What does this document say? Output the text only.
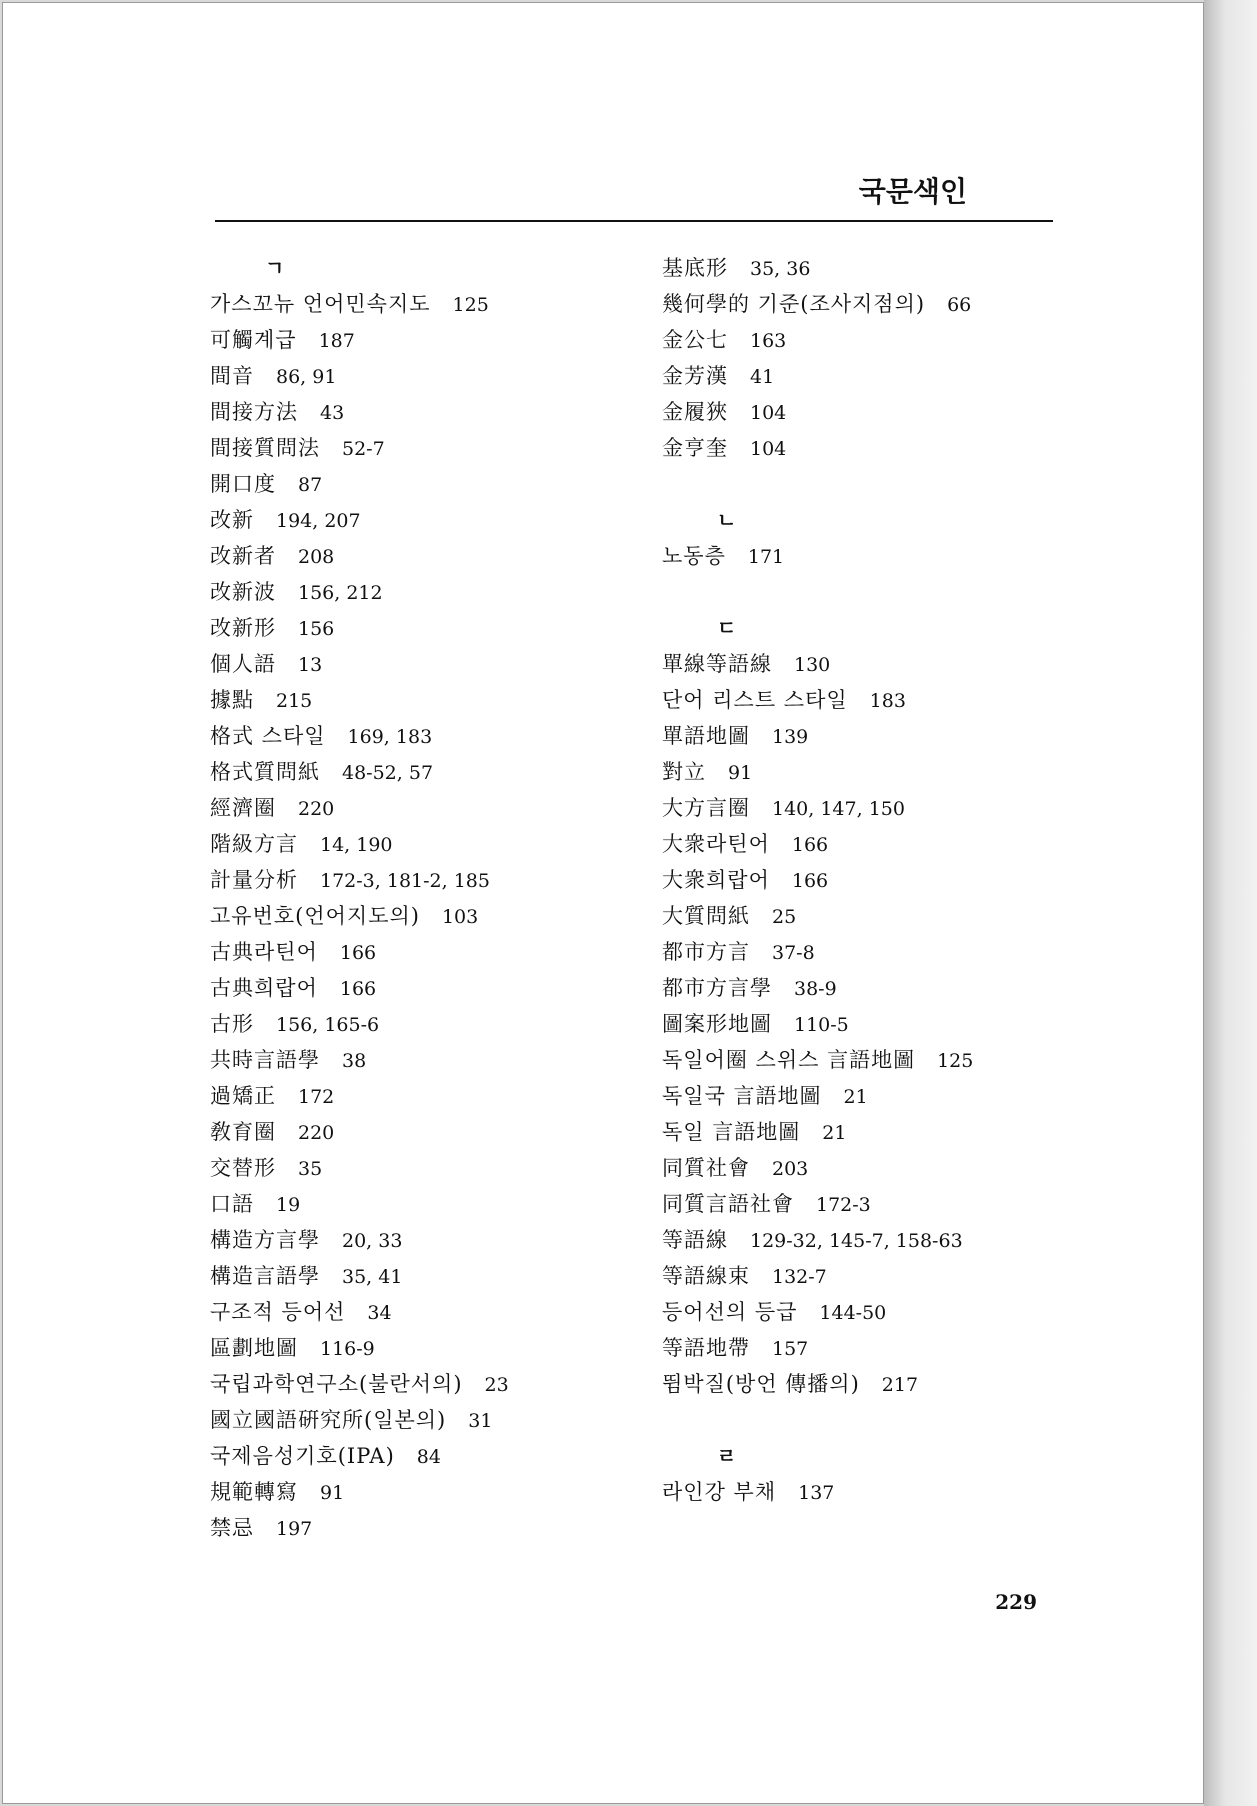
국문색인
ㄱ
가스꼬뉴 언어민속지도 125
可觸계급 187
間音 86, 91
間接方法 43
間接質問法 52-7
開口度 87
改新 194, 207
改新者 208
改新波 156, 212
改新形 156
個人語 13
據點 215
格式 스타일 169, 183
格式質問紙 48-52, 57
經濟圈 220
階級方言 14, 190
計量分析 172-3, 181-2, 185
고유번호(언어지도의) 103
古典라틴어 166
古典희랍어 166
古形 156, 165-6
共時言語學 38
過矯正 172
敎育圈 220
交替形 35
口語 19
構造方言學 20, 33
構造言語學 35, 41
구조적 등어선 34
區劃地圖 116-9
국립과학연구소(불란서의) 23
國立國語硏究所(일본의) 31
국제음성기호(IPA) 84
規範轉寫 91
禁忌 197
基底形 35, 36
幾何學的 기준(조사지점의) 66
金公七 163
金芳漢 41
金履狹 104
金亨奎 104
ㄴ
노동층 171
ㄷ
單線等語線 130
단어 리스트 스타일 183
單語地圖 139
對立 91
大方言圈 140, 147, 150
大衆라틴어 166
大衆희랍어 166
大質問紙 25
都市方言 37-8
都市方言學 38-9
圖案形地圖 110-5
독일어圈 스위스 言語地圖 125
독일국 言語地圖 21
독일 言語地圖 21
同質社會 203
同質言語社會 172-3
等語線 129-32, 145-7, 158-63
等語線束 132-7
등어선의 등급 144-50
等語地帶 157
뜀박질(방언 傳播의) 217
ㄹ
라인강 부채 137
229
